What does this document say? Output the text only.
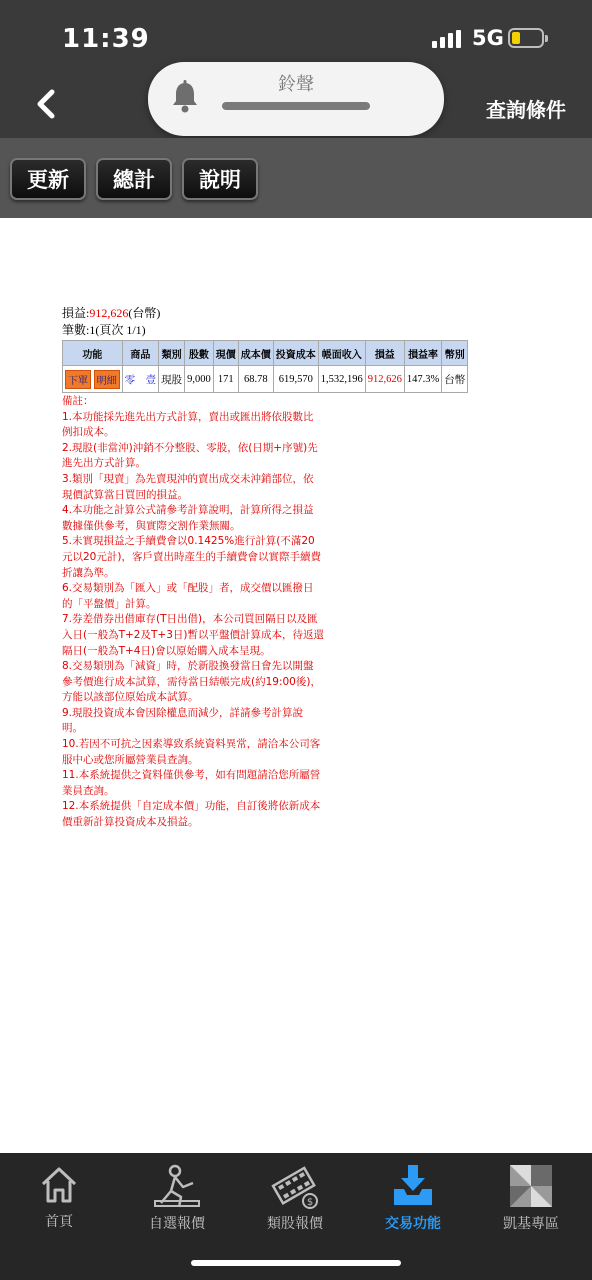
11:39	5G
鈴聲
查詢條件
更新	總計	說明
損益:912,626(台幣)
筆數:1(頁次 1/1)
功能	商品	類別	股數	現價	成本價	投資成本	帳面收入	損益	損益率	幣別
下單 明細	零　壹	現股	9,000	171	68.78	619,570	1,532,196	912,626	147.3%	台幣
備註：
1.本功能採先進先出方式計算，賣出或匯出將依股數比例扣成本。
2.現股(非當沖)沖銷不分整股、零股，依(日期+序號)先進先出方式計算。
3.類別「現賣」為先賣現沖的賣出成交未沖銷部位，依現價試算當日買回的損益。
4.本功能之計算公式請參考計算說明，計算所得之損益數據僅供參考，與實際交割作業無關。
5.未實現損益之手續費會以0.1425%進行計算(不滿20元以20元計)，客戶賣出時產生的手續費會以實際手續費折讓為準。
6.交易類別為「匯入」或「配股」者，成交價以匯撥日的「平盤價」計算。
7.券差借券出借庫存(T日出借)，本公司買回隔日以及匯入日(一般為T+2及T+3日)暫以平盤價計算成本，待返還隔日(一般為T+4日)會以原始購入成本呈現。
8.交易類別為「減資」時，於新股換發當日會先以開盤參考價進行成本試算，需待當日結帳完成(約19:00後)，方能以該部位原始成本試算。
9.現股投資成本會因除權息而減少，詳請參考計算說明。
10.若因不可抗之因素導致系統資料異常，請洽本公司客服中心或您所屬營業員查詢。
11.本系統提供之資料僅供參考，如有問題請洽您所屬營業員查詢。
12.本系統提供「自定成本價」功能，自訂後將依新成本價重新計算投資成本及損益。
首頁	自選報價
$
類股報價	交易功能	凱基專區
